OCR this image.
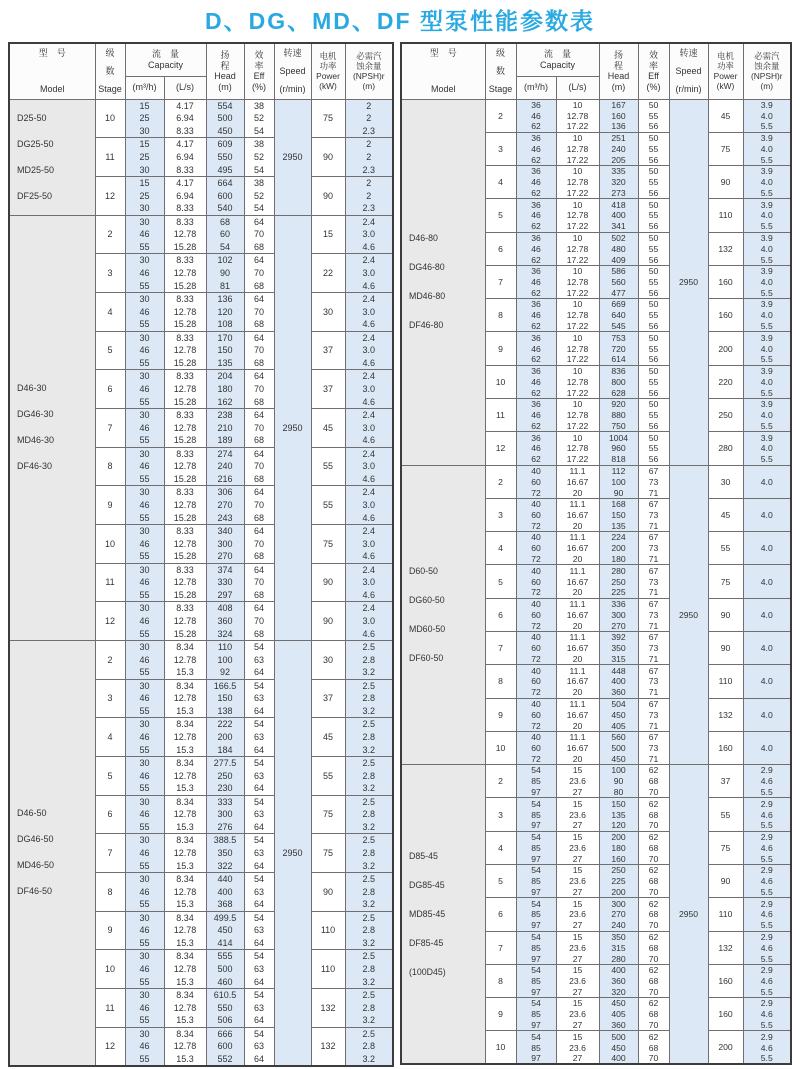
D、DG、MD、DF 型泵性能参数表
型　号
Model

级
数
Stage

流　量
Capacity

扬
程
Head
(m)

效
率
Eff
(%)

转速
Speed
(r/min)

电机
功率
Power
(kW)

必需汽
蚀余量
(NPSH)r
(m)

		(m³/h)	(L/s)					

D25-50
DG25-50
MD25-50
DF25-50	10	15	4.17	554	38	2950	75	2
		25	6.94	500	52			2
		30	8.33	450	54			2.3
	11	15	4.17	609	38		90	2
		25	6.94	550	52			2
		30	8.33	495	54			2.3
	12	15	4.17	664	38		90	2
		25	6.94	600	52			2
		30	8.33	540	54			2.3

D46-30
DG46-30
MD46-30
DF46-30	2	30	8.33	68	64	2950	15	2.4
		46	12.78	60	70			3.0
		55	15.28	54	68			4.6
	3	30	8.33	102	64		22	2.4
		46	12.78	90	70			3.0
		55	15.28	81	68			4.6
	4	30	8.33	136	64		30	2.4
		46	12.78	120	70			3.0
		55	15.28	108	68			4.6
	5	30	8.33	170	64		37	2.4
		46	12.78	150	70			3.0
		55	15.28	135	68			4.6
	6	30	8.33	204	64		37	2.4
		46	12.78	180	70			3.0
		55	15.28	162	68			4.6
	7	30	8.33	238	64		45	2.4
		46	12.78	210	70			3.0
		55	15.28	189	68			4.6
	8	30	8.33	274	64		55	2.4
		46	12.78	240	70			3.0
		55	15.28	216	68			4.6
	9	30	8.33	306	64		55	2.4
		46	12.78	270	70			3.0
		55	15.28	243	68			4.6
	10	30	8.33	340	64		75	2.4
		46	12.78	300	70			3.0
		55	15.28	270	68			4.6
	11	30	8.33	374	64		90	2.4
		46	12.78	330	70			3.0
		55	15.28	297	68			4.6
	12	30	8.33	408	64		90	2.4
		46	12.78	360	70			3.0
		55	15.28	324	68			4.6

D46-50
DG46-50
MD46-50
DF46-50	2	30	8.34	110	54	2950	30	2.5
		46	12.78	100	63			2.8
		55	15.3	92	64			3.2
	3	30	8.34	166.5	54		37	2.5
		46	12.78	150	63			2.8
		55	15.3	138	64			3.2
	4	30	8.34	222	54		45	2.5
		46	12.78	200	63			2.8
		55	15.3	184	64			3.2
	5	30	8.34	277.5	54		55	2.5
		46	12.78	250	63			2.8
		55	15.3	230	64			3.2
	6	30	8.34	333	54		75	2.5
		46	12.78	300	63			2.8
		55	15.3	276	64			3.2
	7	30	8.34	388.5	54		75	2.5
		46	12.78	350	63			2.8
		55	15.3	322	64			3.2
	8	30	8.34	440	54		90	2.5
		46	12.78	400	63			2.8
		55	15.3	368	64			3.2
	9	30	8.34	499.5	54		110	2.5
		46	12.78	450	63			2.8
		55	15.3	414	64			3.2
	10	30	8.34	555	54		110	2.5
		46	12.78	500	63			2.8
		55	15.3	460	64			3.2
	11	30	8.34	610.5	54		132	2.5
		46	12.78	550	63			2.8
		55	15.3	506	64			3.2
	12	30	8.34	666	54		132	2.5
		46	12.78	600	63			2.8
		55	15.3	552	64			3.2
型　号
Model

级
数
Stage

流　量
Capacity

扬
程
Head
(m)

效
率
Eff
(%)

转速
Speed
(r/min)

电机
功率
Power
(kW)

必需汽
蚀余量
(NPSH)r
(m)

		(m³/h)	(L/s)					

D46-80
DG46-80
MD46-80
DF46-80	2	36	10	167	50	2950	45	3.9
		46	12.78	160	55			4.0
		62	17.22	136	56			5.5
	3	36	10	251	50		75	3.9
		46	12.78	240	55			4.0
		62	17.22	205	56			5.5
	4	36	10	335	50		90	3.9
		46	12.78	320	55			4.0
		62	17.22	273	56			5.5
	5	36	10	418	50		110	3.9
		46	12.78	400	55			4.0
		62	17.22	341	56			5.5
	6	36	10	502	50		132	3.9
		46	12.78	480	55			4.0
		62	17.22	409	56			5.5
	7	36	10	586	50		160	3.9
		46	12.78	560	55			4.0
		62	17.22	477	56			5.5
	8	36	10	669	50		160	3.9
		46	12.78	640	55			4.0
		62	17.22	545	56			5.5
	9	36	10	753	50		200	3.9
		46	12.78	720	55			4.0
		62	17.22	614	56			5.5
	10	36	10	836	50		220	3.9
		46	12.78	800	55			4.0
		62	17.22	628	56			5.5
	11	36	10	920	50		250	3.9
		46	12.78	880	55			4.0
		62	17.22	750	56			5.5
	12	36	10	1004	50		280	3.9
		46	12.78	960	55			4.0
		62	17.22	818	56			5.5

D60-50
DG60-50
MD60-50
DF60-50	2	40	11.1	112	67	2950	30	4.0
		60	16.67	100	73			
		72	20	90	71			
	3	40	11.1	168	67		45	4.0
		60	16.67	150	73			
		72	20	135	71			
	4	40	11.1	224	67		55	4.0
		60	16.67	200	73			
		72	20	180	71			
	5	40	11.1	280	67		75	4.0
		60	16.67	250	73			
		72	20	225	71			
	6	40	11.1	336	67		90	4.0
		60	16.67	300	73			
		72	20	270	71			
	7	40	11.1	392	67		90	4.0
		60	16.67	350	73			
		72	20	315	71			
	8	40	11.1	448	67		110	4.0
		60	16.67	400	73			
		72	20	360	71			
	9	40	11.1	504	67		132	4.0
		60	16.67	450	73			
		72	20	405	71			
	10	40	11.1	560	67		160	4.0
		60	16.67	500	73			
		72	20	450	71			

D85-45
DG85-45
MD85-45
DF85-45
(100D45)	2	54	15	100	62	2950	37	2.9
		85	23.6	90	68			4.6
		97	27	80	70			5.5
	3	54	15	150	62		55	2.9
		85	23.6	135	68			4.6
		97	27	120	70			5.5
	4	54	15	200	62		75	2.9
		85	23.6	180	68			4.6
		97	27	160	70			5.5
	5	54	15	250	62		90	2.9
		85	23.6	225	68			4.6
		97	27	200	70			5.5
	6	54	15	300	62		110	2.9
		85	23.6	270	68			4.6
		97	27	240	70			5.5
	7	54	15	350	62		132	2.9
		85	23.6	315	68			4.6
		97	27	280	70			5.5
	8	54	15	400	62		160	2.9
		85	23.6	360	68			4.6
		97	27	320	70			5.5
	9	54	15	450	62		160	2.9
		85	23.6	405	68			4.6
		97	27	360	70			5.5
	10	54	15	500	62		200	2.9
		85	23.6	450	68			4.6
		97	27	400	70			5.5
